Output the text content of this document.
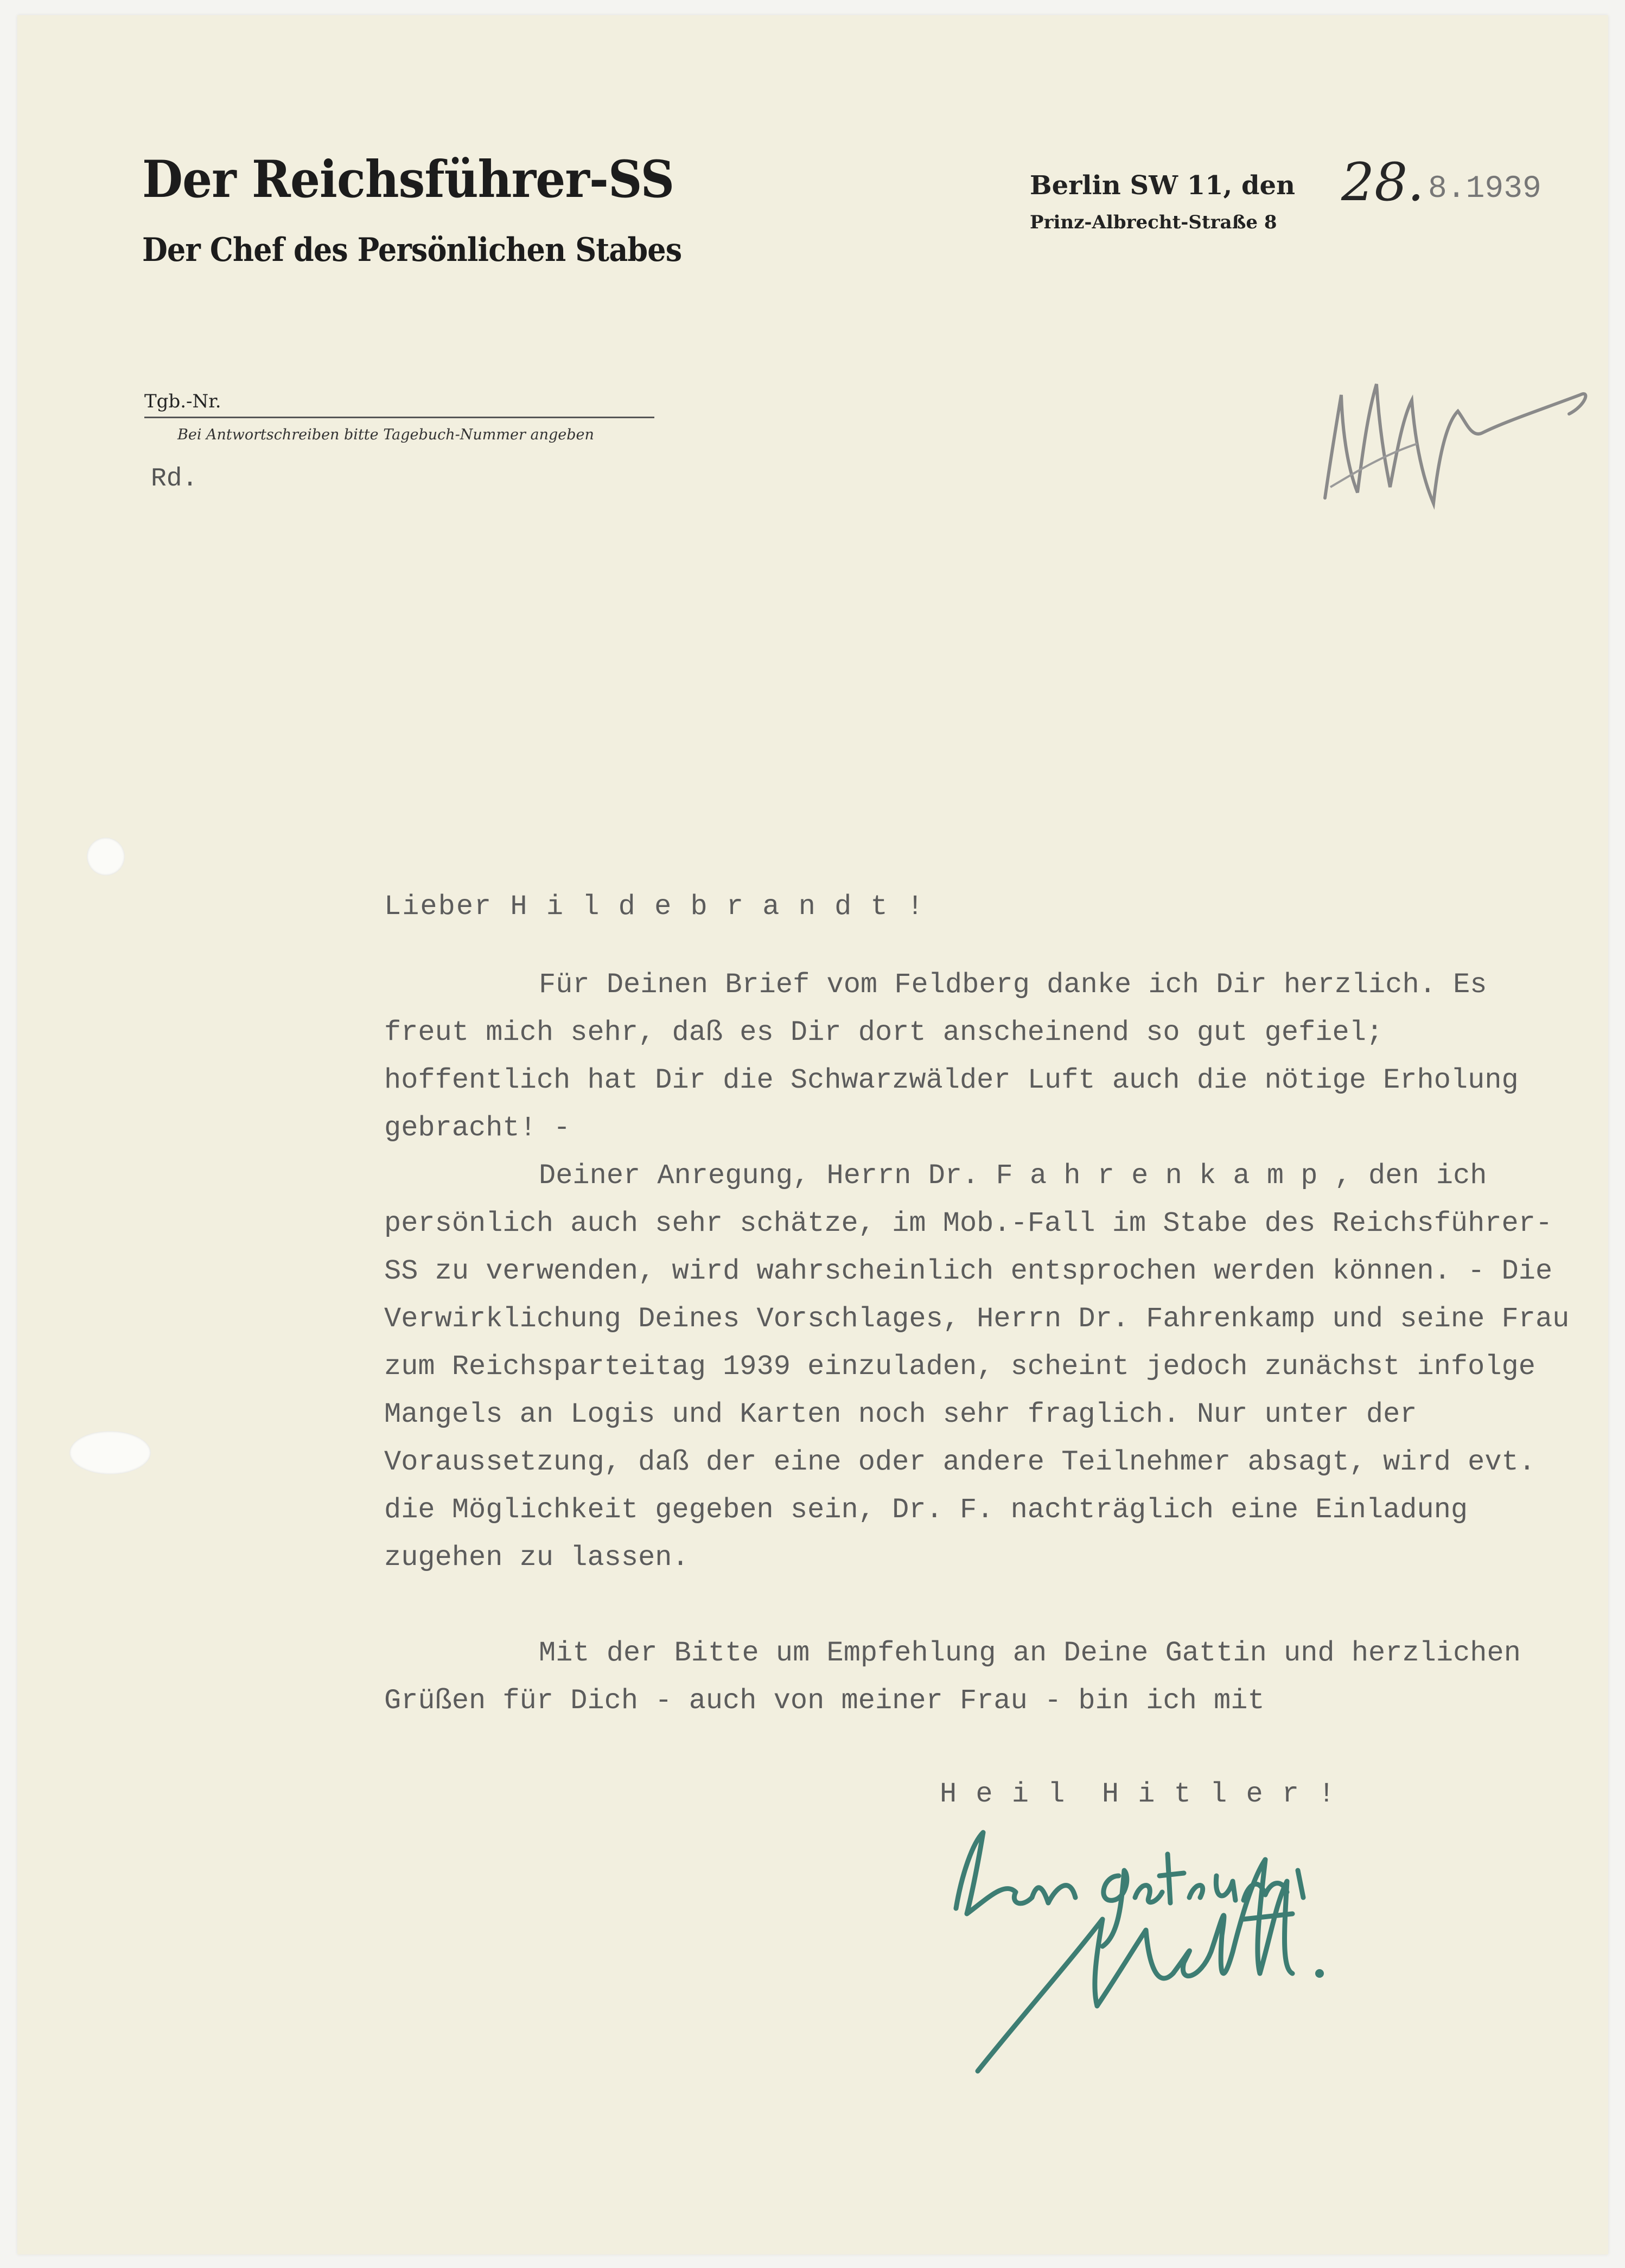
Der Reichsführer-SS
Der Chef des Persönlichen Stabes
Berlin SW 11, den 28. 8.1939
Prinz-Albrecht-Straße 8
Tgb.-Nr.
Bei Antwortschreiben bitte Tagebuch-Nummer angeben
Rd.
Lieber H i l d e b r a n d t !
Für Deinen Brief vom Feldberg danke ich Dir herzlich. Es freut mich sehr, daß es Dir dort anscheinend so gut gefiel; hoffentlich hat Dir die Schwarzwälder Luft auch die nötige Erholung gebracht! -
Deiner Anregung, Herrn Dr. F a h r e n k a m p , den ich persönlich auch sehr schätze, im Mob.-Fall im Stabe des Reichsführer-SS zu verwenden, wird wahrscheinlich entsprochen werden können. - Die Verwirklichung Deines Vorschlages, Herrn Dr. Fahrenkamp und seine Frau zum Reichsparteitag 1939 einzuladen, scheint jedoch zunächst infolge Mangels an Logis und Karten noch sehr fraglich. Nur unter der Voraussetzung, daß der eine oder andere Teilnehmer absagt, wird evt. die Möglichkeit gegeben sein, Dr. F. nachträglich eine Einladung zugehen zu lassen.
Mit der Bitte um Empfehlung an Deine Gattin und herzlichen Grüßen für Dich - auch von meiner Frau - bin ich mit
H e i l  H i t l e r !
